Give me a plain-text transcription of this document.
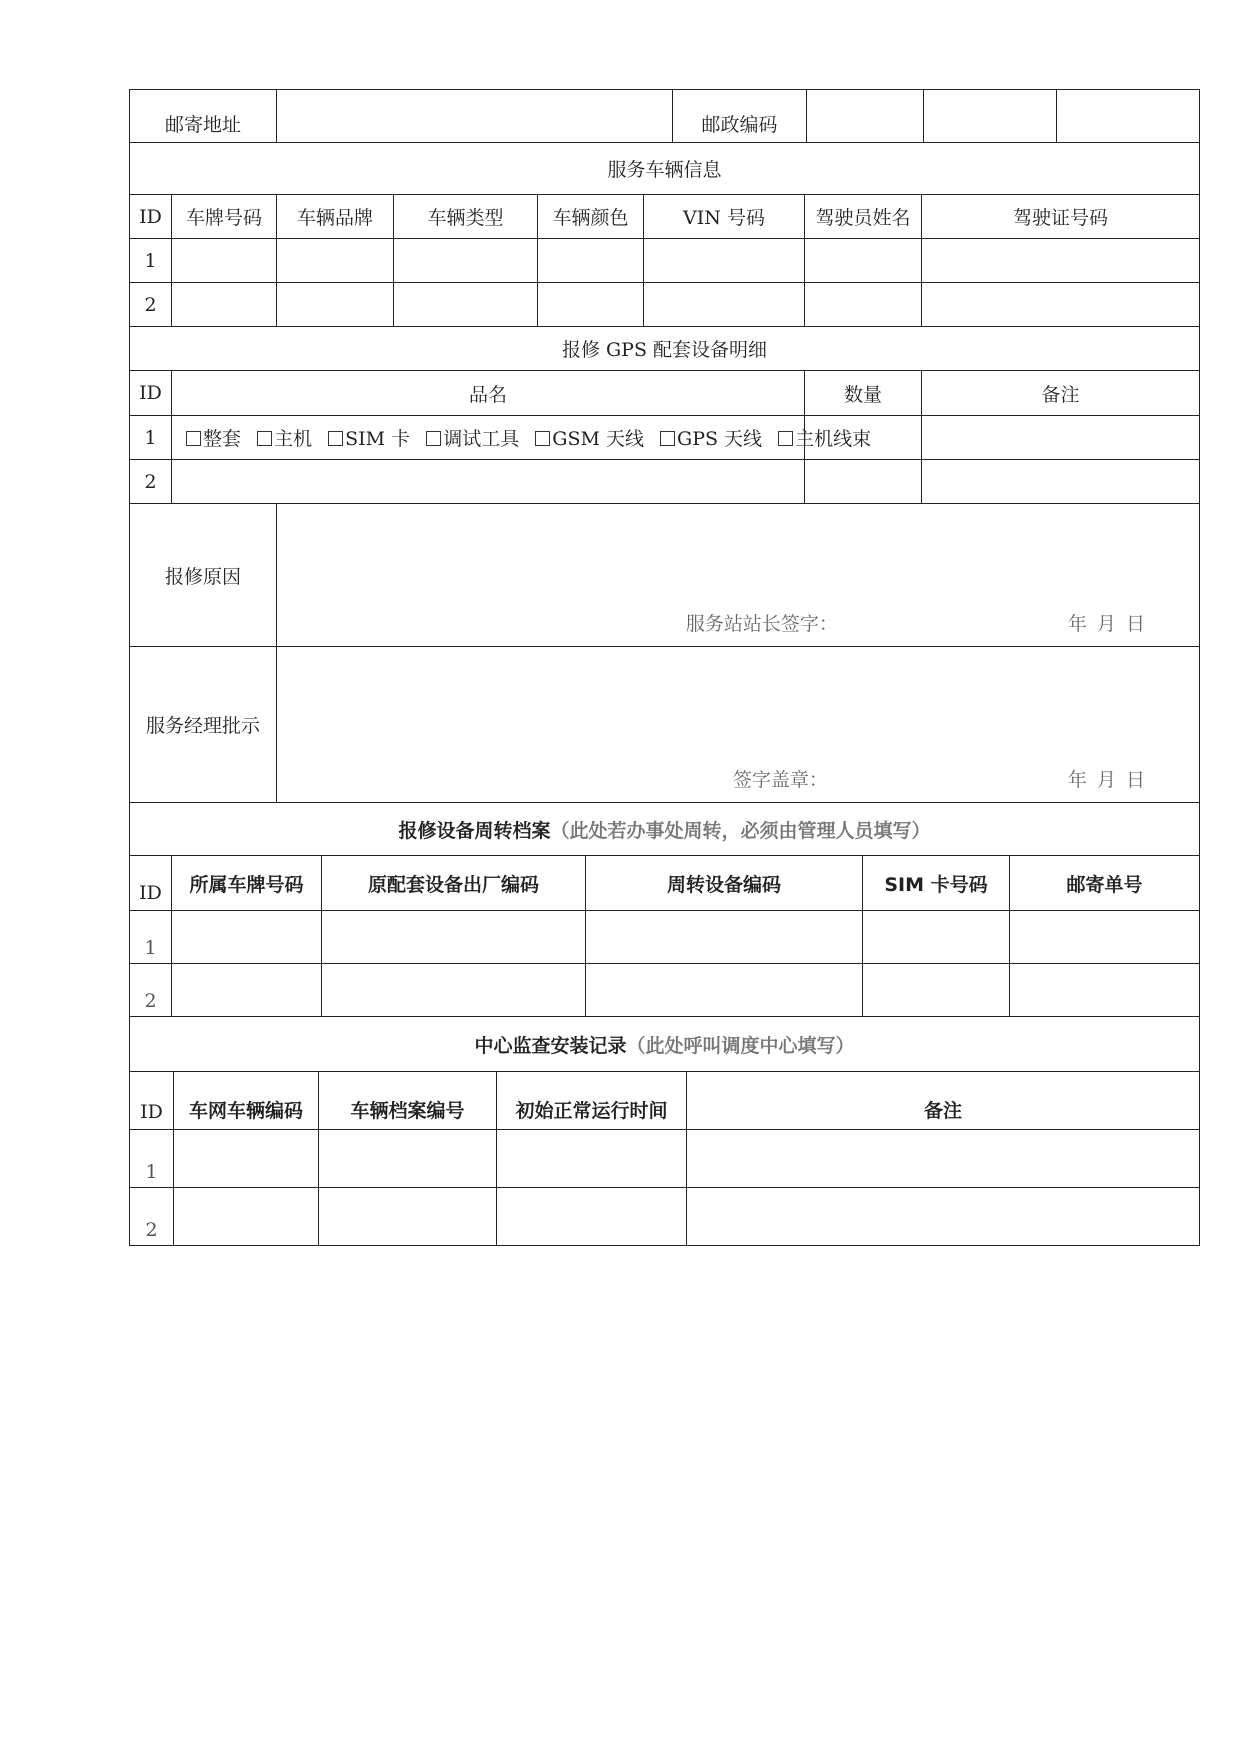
邮寄地址		邮政编码			
服务车辆信息							
ID	车牌号码	车辆品牌	车辆类型	车辆颜色	VIN 号码	驾驶员姓名	驾驶证号码
1							
2							
报修 GPS 配套设备明细			
ID	品名	数量	备注
1	整套 主机 SIM 卡 调试工具 GSM 天线 GPS 天线 主机线束		
2			
报修原因	服务站站长签字： 年 月 日

服务经理批示	签字盖章： 年 月 日
报修设备周转档案（此处若办事处周转，必须由管理人员填写）					
ID	所属车牌号码	原配套设备出厂编码	周转设备编码	SIM 卡号码	邮寄单号
1					
2					
中心监查安装记录（此处呼叫调度中心填写）				
ID	车网车辆编码	车辆档案编号	初始正常运行时间	备注
1				
2				
